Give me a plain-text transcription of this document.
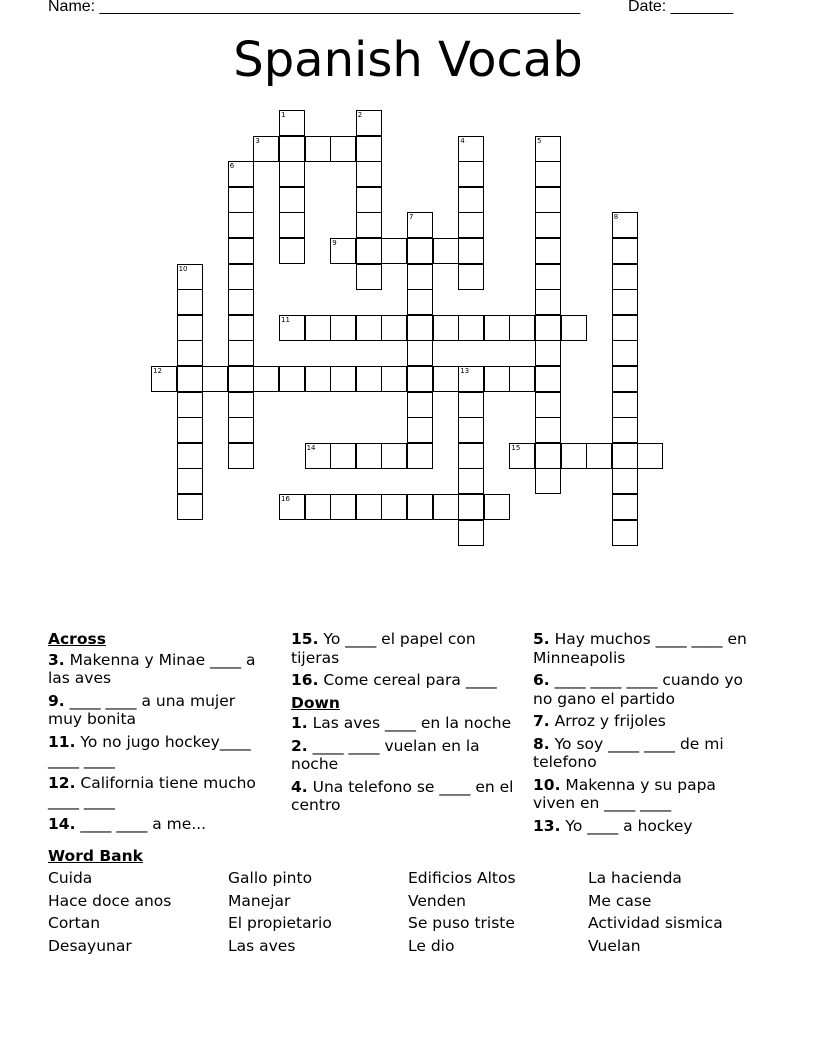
Name: ______________________________________________________	Date: _______
Spanish Vocab
1	2
3	4	5
6
7	8
9
10
11
12	13
14	15
16
Across
3. Makenna y Minae ____ a las aves
9. ____ ____ a una mujer muy bonita
11. Yo no jugo hockey____ ____ ____
12. California tiene mucho ____ ____
14. ____ ____ a me...
15. Yo ____ el papel con tijeras
16. Come cereal para ____
Down
1. Las aves ____ en la noche
2. ____ ____ vuelan en la noche
4. Una telefono se ____ en el centro
5. Hay muchos ____ ____ en Minneapolis
6. ____ ____ ____ cuando yo no gano el partido
7. Arroz y frijoles
8. Yo soy ____ ____ de mi telefono
10. Makenna y su papa viven en ____ ____
13. Yo ____ a hockey
Word Bank
Cuida	Gallo pinto	Edificios Altos	La hacienda
Hace doce anos	Manejar	Venden	Me case
Cortan	El propietario	Se puso triste	Actividad sismica
Desayunar	Las aves	Le dio	Vuelan
